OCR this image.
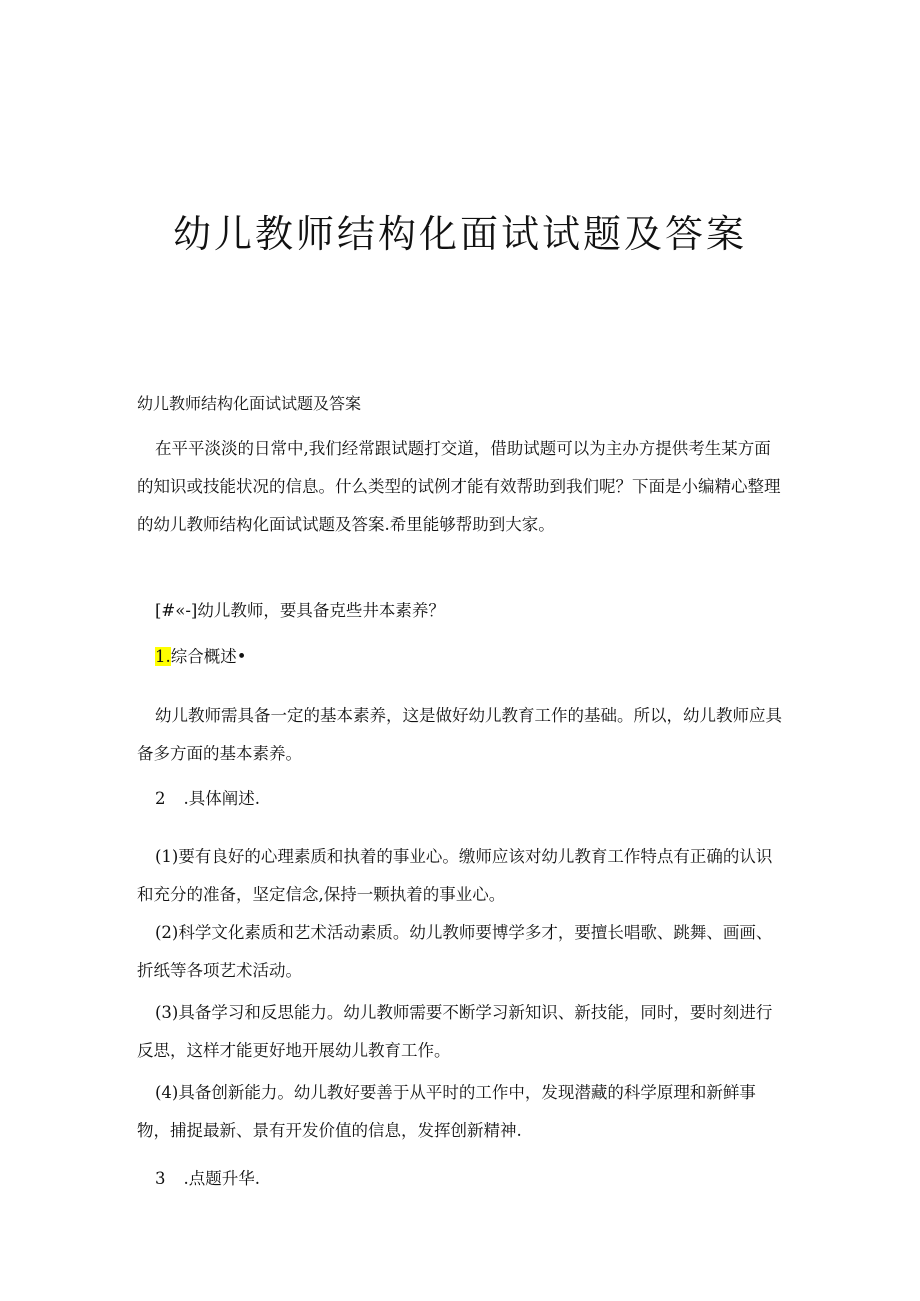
幼儿教师结构化面试试题及答案
幼儿教师结构化面试试题及答案

在平平淡淡的日常中,我们经常跟试题打交道，借助试题可以为主办方提供考生某方面的知识或技能状况的信息。什么类型的试例才能有效帮助到我们呢？下面是小编精心整理的幼儿教师结构化面试试题及答案.希里能够帮助到大家。

[#«-]幼儿教师，要具备克些井本素养？
1.综合概述•

幼儿教师需具备一定的基本素养，这是做好幼儿教育工作的基础。所以，幼儿教师应具备多方面的基本素养。

2 .具体阐述.

(1)要有良好的心理素质和执着的事业心。缴师应该对幼儿教育工作特点有正确的认识和充分的准备，坚定信念,保持一颗执着的事业心。

(2)科学文化素质和艺术活动素质。幼儿教师要博学多才，要擅长唱歌、跳舞、画画、折纸等各项艺术活动。

(3)具备学习和反思能力。幼儿教师需要不断学习新知识、新技能，同时，要时刻进行反思，这样才能更好地开展幼儿教育工作。

(4)具备创新能力。幼儿教好要善于从平时的工作中，发现潜藏的科学原理和新鲜事物，捕捉最新、景有开发价值的信息，发挥创新精神.

3 .点题升华.
